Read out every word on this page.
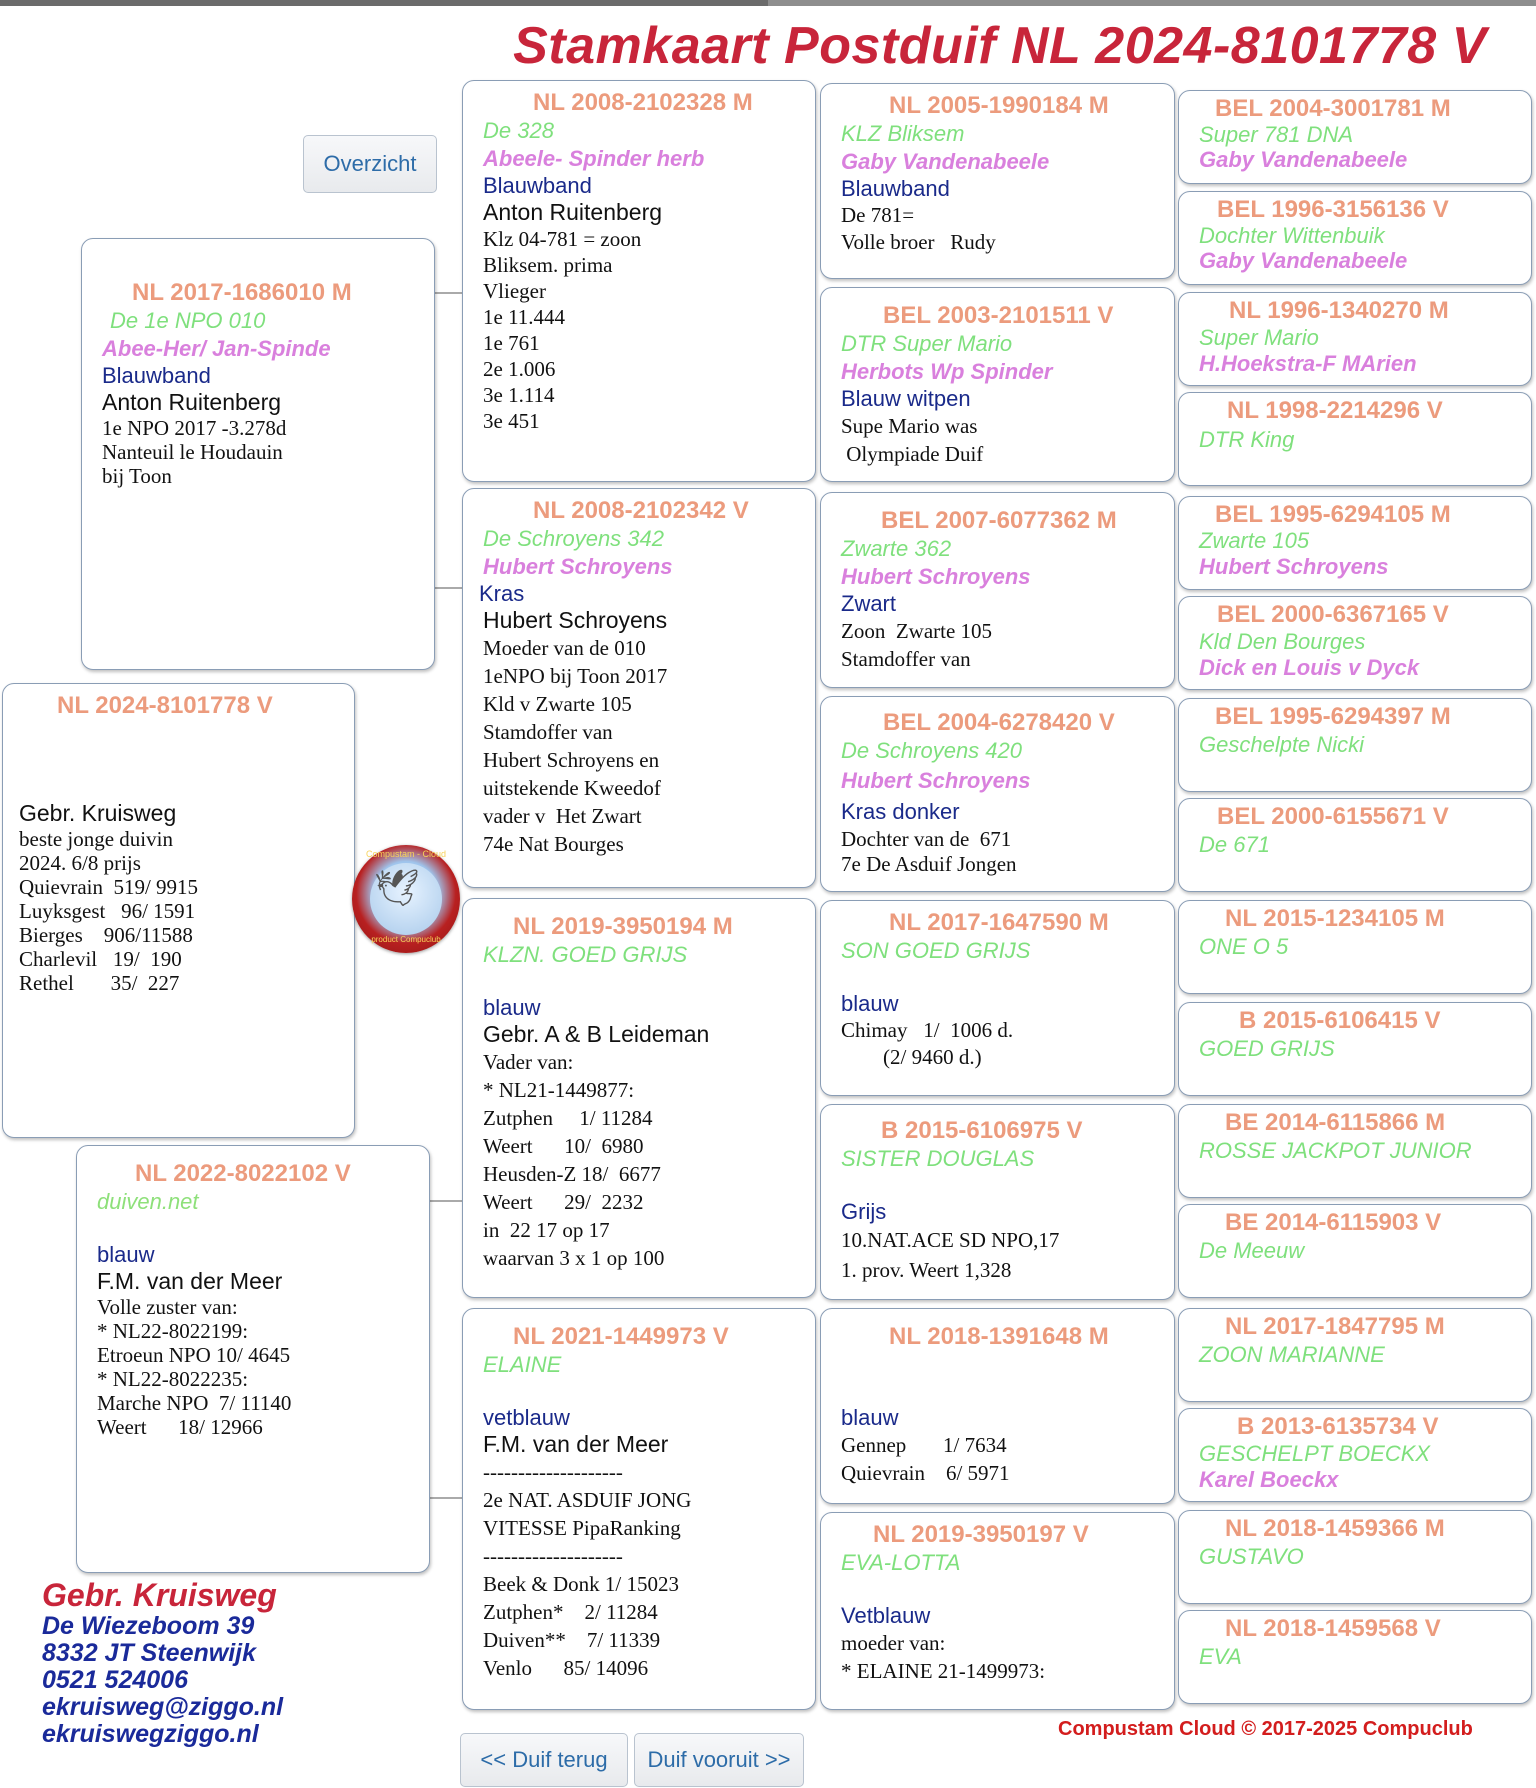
Stamkaart Postduif NL 2024-8101778 V
Overzicht
NL 2024-8101778 V
Gebr. Kruisweg
beste jonge duivin
2024. 6/8 prijs
Quievrain  519/ 9915
Luyksgest   96/ 1591
Bierges    906/11588
Charlevil   19/  190
Rethel       35/  227
Compustam - Cloud
🕊
product Compuclub
NL 2017-1686010 M
De 1e NPO 010
Abee-Her/ Jan-Spinde
Blauwband
Anton Ruitenberg
1e NPO 2017 -3.278d
Nanteuil le Houdauin
bij Toon
NL 2022-8022102 V
duiven.net
blauw
F.M. van der Meer
Volle zuster van:
* NL22-8022199:
Etroeun NPO 10/ 4645
* NL22-8022235:
Marche NPO  7/ 11140
Weert      18/ 12966
NL 2008-2102328 M
De 328
Abeele- Spinder herb
Blauwband
Anton Ruitenberg
Klz 04-781 = zoon
Bliksem. prima
Vlieger
1e 11.444
1e 761
2e 1.006
3e 1.114
3e 451
NL 2008-2102342 V
De Schroyens 342
Hubert Schroyens
Kras
Hubert Schroyens
Moeder van de 010
1eNPO bij Toon 2017
Kld v Zwarte 105
Stamdoffer van
Hubert Schroyens en
uitstekende Kweedof
vader v  Het Zwart
74e Nat Bourges
NL 2019-3950194 M
KLZN. GOED GRIJS
blauw
Gebr. A & B Leideman
Vader van:
* NL21-1449877:
Zutphen     1/ 11284
Weert      10/  6980
Heusden-Z 18/  6677
Weert      29/  2232
in  22 17 op 17
waarvan 3 x 1 op 100
NL 2021-1449973 V
ELAINE
vetblauw
F.M. van der Meer
--------------------
2e NAT. ASDUIF JONG
VITESSE PipaRanking
--------------------
Beek & Donk 1/ 15023
Zutphen*    2/ 11284
Duiven**    7/ 11339
Venlo      85/ 14096
NL 2005-1990184 M
KLZ Bliksem
Gaby Vandenabeele
Blauwband
De 781=
Volle broer   Rudy
BEL 2003-2101511 V
DTR Super Mario
Herbots Wp Spinder
Blauw witpen
Supe Mario was
Olympiade Duif
BEL 2007-6077362 M
Zwarte 362
Hubert Schroyens
Zwart
Zoon  Zwarte 105
Stamdoffer van
BEL 2004-6278420 V
De Schroyens 420
Hubert Schroyens
Kras donker
Dochter van de  671
7e De Asduif Jongen
NL 2017-1647590 M
SON GOED GRIJS
blauw
Chimay   1/  1006 d.
(2/ 9460 d.)
B 2015-6106975 V
SISTER DOUGLAS
Grijs
10.NAT.ACE SD NPO,17
1. prov. Weert 1,328
NL 2018-1391648 M
blauw
Gennep       1/ 7634
Quievrain    6/ 5971
NL 2019-3950197 V
EVA-LOTTA
Vetblauw
moeder van:
* ELAINE 21-1499973:
BEL 2004-3001781 M
Super 781 DNA
Gaby Vandenabeele
BEL 1996-3156136 V
Dochter Wittenbuik
Gaby Vandenabeele
NL 1996-1340270 M
Super Mario
H.Hoekstra-F MArien
NL 1998-2214296 V
DTR King
BEL 1995-6294105 M
Zwarte 105
Hubert Schroyens
BEL 2000-6367165 V
Kld Den Bourges
Dick en Louis v Dyck
BEL 1995-6294397 M
Geschelpte Nicki
BEL 2000-6155671 V
De 671
NL 2015-1234105 M
ONE O 5
B 2015-6106415 V
GOED GRIJS
BE 2014-6115866 M
ROSSE JACKPOT JUNIOR
BE 2014-6115903 V
De Meeuw
NL 2017-1847795 M
ZOON MARIANNE
B 2013-6135734 V
GESCHELPT BOECKX
Karel Boeckx
NL 2018-1459366 M
GUSTAVO
NL 2018-1459568 V
EVA
Gebr. Kruisweg
De Wiezeboom 39
8332 JT Steenwijk
0521 524006
ekruisweg@ziggo.nl
ekruiswegziggo.nl
<< Duif terug	Duif vooruit >>
Compustam Cloud © 2017-2025 Compuclub
